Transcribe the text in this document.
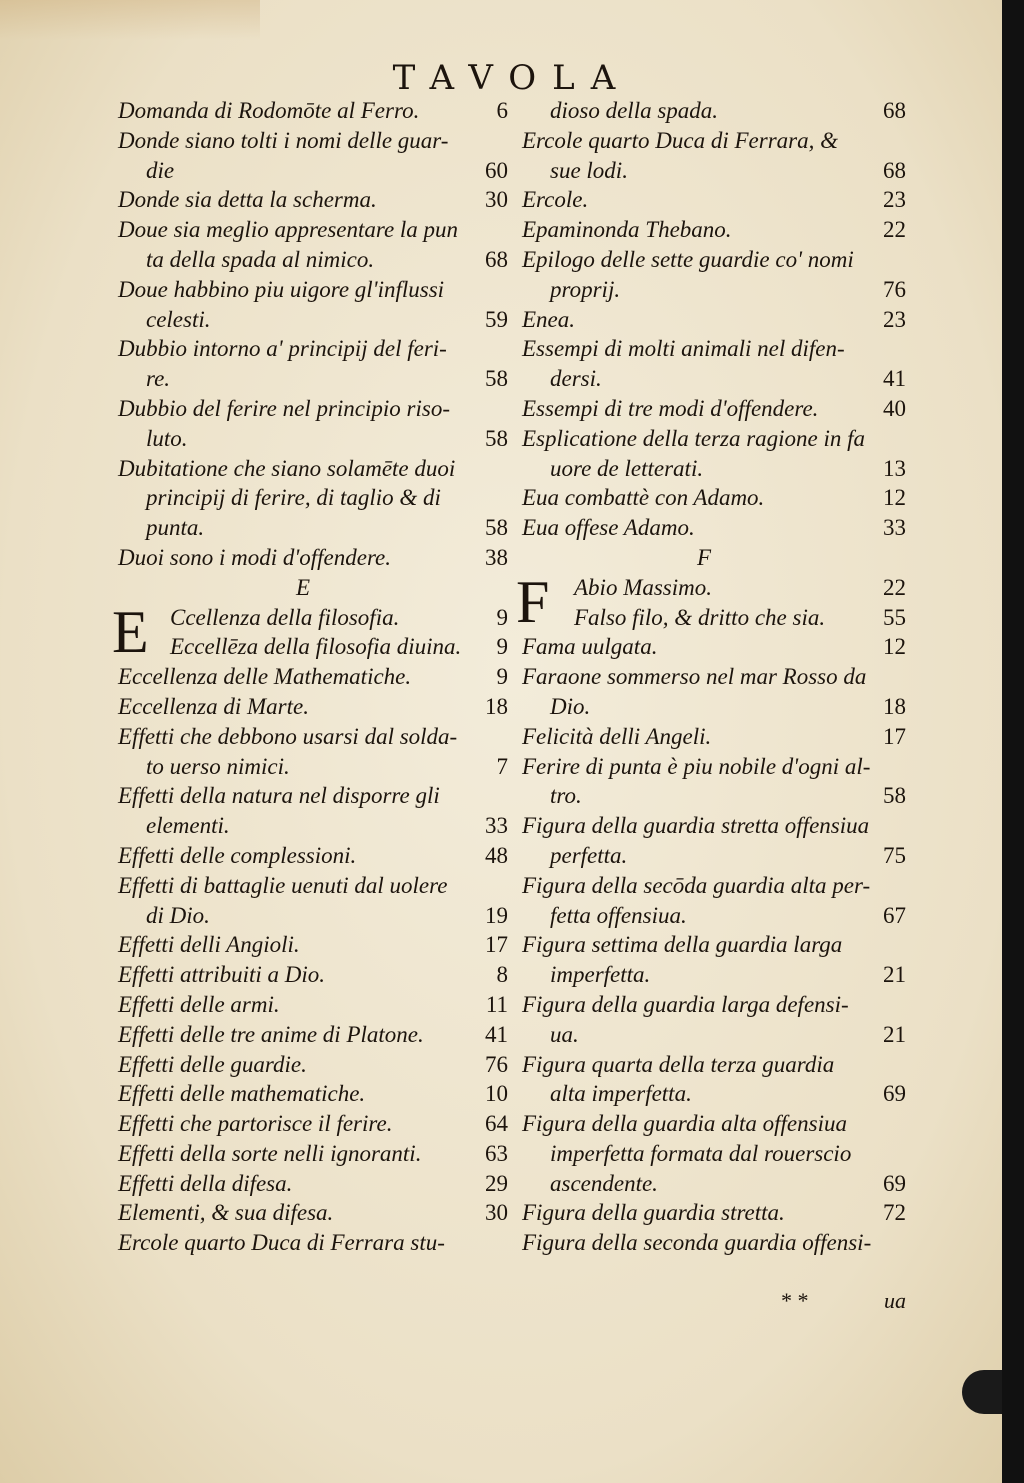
TAVOLA
Domanda di Rodomōte al Ferro.	6
Donde siano tolti i nomi delle guar-
die	60
Donde sia detta la scherma.	30
Doue sia meglio appresentare la pun
ta della spada al nimico.	68
Doue habbino piu uigore gl'influssi
celesti.	59
Dubbio intorno a' principij del feri-
re.	58
Dubbio del ferire nel principio riso-
luto.	58
Dubitatione che siano solamēte duoi
principij di ferire, di taglio & di
punta.	58
Duoi sono i modi d'offendere.	38
E
E Ccellenza della filosofia.	9
Eccellēza della filosofia diuina. 9
Eccellenza delle Mathematiche.	9
Eccellenza di Marte.	18
Effetti che debbono usarsi dal solda-
to uerso nimici.	7
Effetti della natura nel disporre gli
elementi.	33
Effetti delle complessioni.	48
Effetti di battaglie uenuti dal uolere
di Dio.	19
Effetti delli Angioli.	17
Effetti attribuiti a Dio.	8
Effetti delle armi.	11
Effetti delle tre anime di Platone.	41
Effetti delle guardie.	76
Effetti delle mathematiche.	10
Effetti che partorisce il ferire.	64
Effetti della sorte nelli ignoranti.	63
Effetti della difesa.	29
Elementi, & sua difesa.	30
Ercole quarto Duca di Ferrara stu-
dioso della spada.	68
Ercole quarto Duca di Ferrara, &
sue lodi.	68
Ercole.	23
Epaminonda Thebano.	22
Epilogo delle sette guardie co' nomi
proprij.	76
Enea.	23
Essempi di molti animali nel difen-
dersi.	41
Essempi di tre modi d'offendere.	40
Esplicatione della terza ragione in fa
uore de letterati.	13
Eua combattè con Adamo.	12
Eua offese Adamo.	33
F
F Abio Massimo.	22
Falso filo, & dritto che sia.	55
Fama uulgata.	12
Faraone sommerso nel mar Rosso da
Dio.	18
Felicità delli Angeli.	17
Ferire di punta è piu nobile d'ogni al-
tro.	58
Figura della guardia stretta offensiua
perfetta.	75
Figura della secōda guardia alta per-
fetta offensiua.	67
Figura settima della guardia larga
imperfetta.	21
Figura della guardia larga defensi-
ua.	21
Figura quarta della terza guardia
alta imperfetta.	69
Figura della guardia alta offensiua
imperfetta formata dal rouerscio
ascendente.	69
Figura della guardia stretta.	72
Figura della seconda guardia offensi-
* *	ua
